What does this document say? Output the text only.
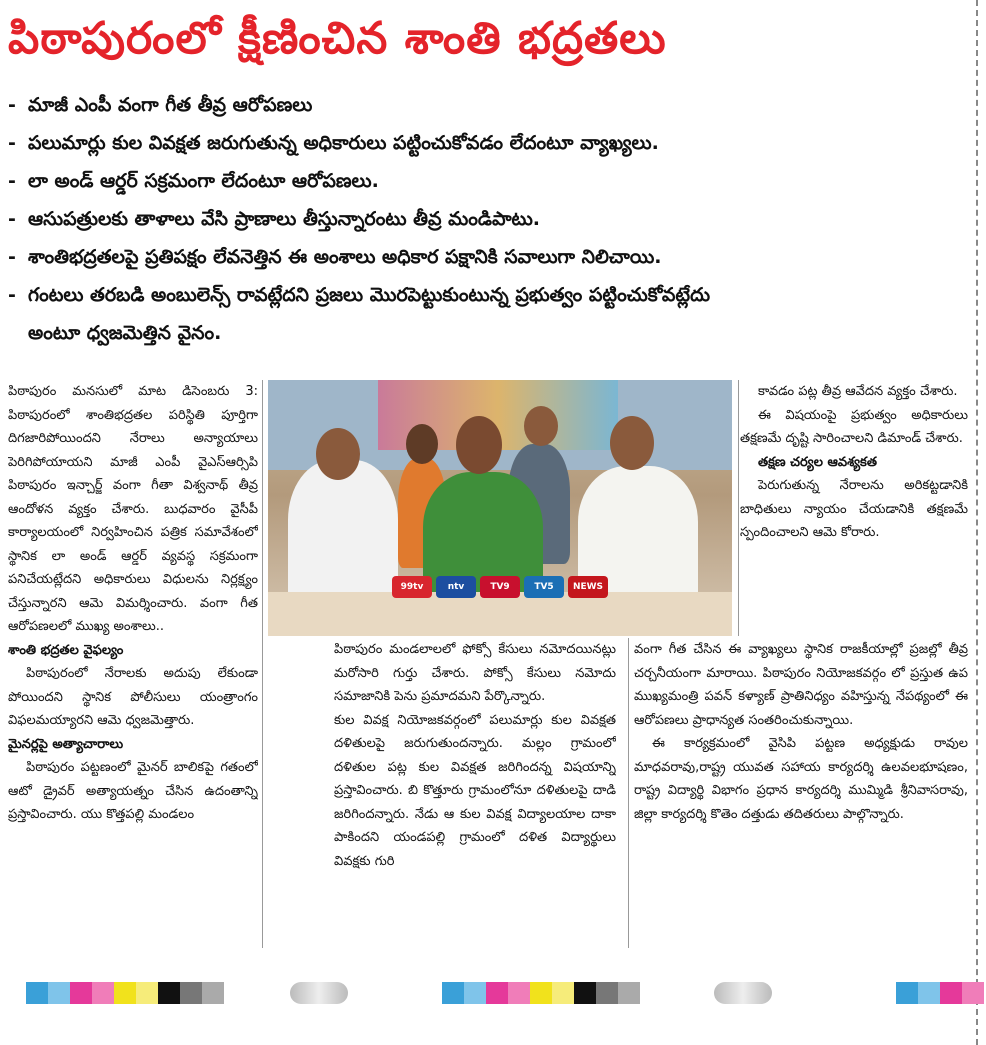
పిఠాపురంలో క్షీణించిన శాంతి భద్రతలు
- మాజీ ఎంపీ వంగా గీత తీవ్ర ఆరోపణలు
- పలుమార్లు కుల వివక్షత జరుగుతున్న అధికారులు పట్టించుకోవడం లేదంటూ వ్యాఖ్యలు.
- లా అండ్ ఆర్డర్ సక్రమంగా లేదంటూ ఆరోపణలు.
- ఆసుపత్రులకు తాళాలు వేసి ప్రాణాలు తీస్తున్నారంటు తీవ్ర మండిపాటు.
- శాంతిభద్రతలపై ప్రతిపక్షం లేవనెత్తిన ఈ అంశాలు అధికార పక్షానికి సవాలుగా నిలిచాయి.
- గంటలు తరబడి అంబులెన్స్ రావట్లేదని ప్రజలు మొరపెట్టుకుంటున్న ప్రభుత్వం పట్టించుకోవట్లేదు
అంటూ ధ్వజమెత్తిన వైనం.

పిఠాపురం మనసులో మాట డిసెంబరు 3: పిఠాపురంలో శాంతిభద్రతల పరిస్థితి పూర్తిగా దిగజారిపోయిందని నేరాలు అన్యాయాలు పెరిగిపోయాయని మాజీ ఎంపీ వైఎస్ఆర్సిపి పిఠాపురం ఇన్చార్జ్ వంగా గీతా విశ్వనాథ్ తీవ్ర ఆందోళన వ్యక్తం చేశారు. బుధవారం వైసీపీ కార్యాలయంలో నిర్వహించిన పత్రిక సమావేశంలో స్థానిక లా అండ్ ఆర్డర్ వ్యవస్థ సక్రమంగా పనిచేయట్లేదని అధికారులు విధులను నిర్లక్ష్యం చేస్తున్నారని ఆమె విమర్శించారు. వంగా గీత ఆరోపణలలో ముఖ్య అంశాలు..

శాంతి భద్రతల వైఫల్యం

పిఠాపురంలో నేరాలకు అదుపు లేకుండా పోయిందని స్థానిక పోలీసులు యంత్రాంగం విఫలమయ్యారని ఆమె ధ్వజమెత్తారు.

మైనర్లపై అత్యాచారాలు

పిఠాపురం పట్టణంలో మైనర్ బాలికపై గతంలో ఆటో డ్రైవర్ అత్యాయత్నం చేసిన ఉదంతాన్ని ప్రస్తావించారు. యు కొత్తపల్లి మండలం

99tv	ntv	TV9	TV5	NEWS

పిఠాపురం మండలాలలో ఫోక్సో కేసులు నమోదయినట్లు మరోసారి గుర్తు చేశారు. పోక్సో కేసులు నమోదు సమాజానికి పెను ప్రమాదమని పేర్కొన్నారు.

కుల వివక్ష నియోజకవర్గంలో పలుమార్లు కుల వివక్షత దళితులపై జరుగుతుందన్నారు. మల్లం గ్రామంలో దళితుల పట్ల కుల వివక్షత జరిగిందన్న విషయాన్ని ప్రస్తావించారు. బి కొత్తూరు గ్రామంలోనూ దళితులపై దాడి జరిగిందన్నారు. నేడు ఆ కుల వివక్ష విద్యాలయాల దాకా పాకిందని యండపల్లి గ్రామంలో దళిత విద్యార్థులు వివక్షకు గురి

కావడం పట్ల తీవ్ర ఆవేదన వ్యక్తం చేశారు.

ఈ విషయంపై ప్రభుత్వం అధికారులు తక్షణమే దృష్టి సారించాలని డిమాండ్ చేశారు.

తక్షణ చర్యల ఆవశ్యకత

పెరుగుతున్న నేరాలను అరికట్టడానికి బాధితులు న్యాయం చేయడానికి తక్షణమే స్పందించాలని ఆమె కోరారు.

వంగా గీత చేసిన ఈ వ్యాఖ్యలు స్థానిక రాజకీయాల్లో ప్రజల్లో తీవ్ర చర్చనీయంగా మారాయి. పిఠాపురం నియోజకవర్గం లో ప్రస్తుత ఉప ముఖ్యమంత్రి పవన్ కళ్యాణ్ ప్రాతినిధ్యం వహిస్తున్న నేపథ్యంలో ఈ ఆరోపణలు ప్రాధాన్యత సంతరించుకున్నాయి.

ఈ కార్యక్రమంలో వైసిపి పట్టణ అధ్యక్షుడు రావుల మాధవరావు,రాష్ట్ర యువత సహాయ కార్యదర్శి ఉలవలభూషణం, రాష్ట్ర విద్యార్థి విభాగం ప్రధాన కార్యదర్శి ముమ్మిడి శ్రీనివాసరావు, జిల్లా కార్యదర్శి కొతెం దత్తుడు తదితరులు పాల్గొన్నారు.
